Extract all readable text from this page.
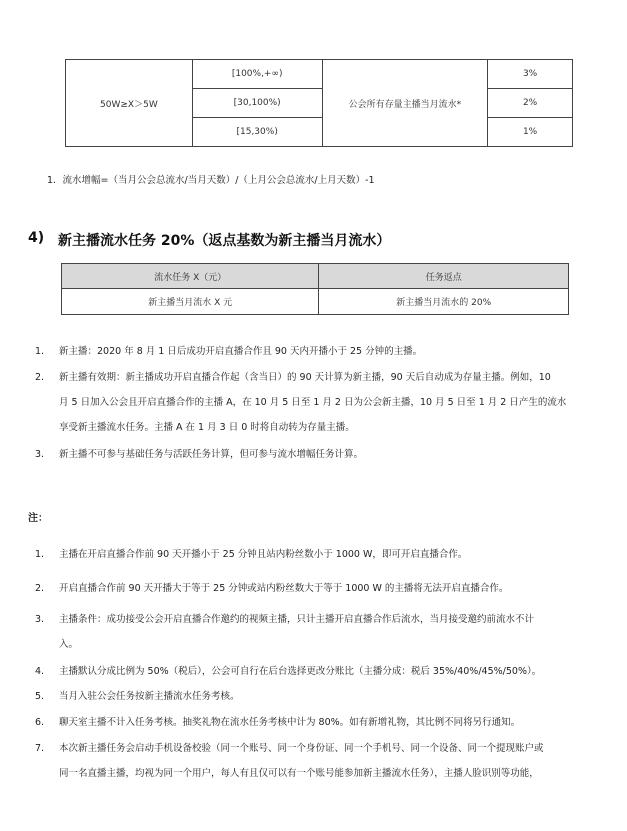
50W≥X＞5W	[100%,+∞)	公会所有存量主播当月流水*	3%
	[30,100%)		2%
	[15,30%)		1%
1．流水增幅=（当月公会总流水/当月天数）/（上月公会总流水/上月天数）-1
4) 新主播流水任务 20%（返点基数为新主播当月流水）
流水任务 X（元）	任务返点
新主播当月流水 X 元	新主播当月流水的 20%
1. 新主播：2020 年 8 月 1 日后成功开启直播合作且 90 天内开播小于 25 分钟的主播。
2. 新主播有效期：新主播成功开启直播合作起（含当日）的 90 天计算为新主播，90 天后自动成为存量主播。例如，10
月 5 日加入公会且开启直播合作的主播 A，在 10 月 5 日至 1 月 2 日为公会新主播，10 月 5 日至 1 月 2 日产生的流水
享受新主播流水任务。主播 A 在 1 月 3 日 0 时将自动转为存量主播。
3. 新主播不可参与基础任务与活跃任务计算，但可参与流水增幅任务计算。
注：
1. 主播在开启直播合作前 90 天开播小于 25 分钟且站内粉丝数小于 1000 W，即可开启直播合作。
2. 开启直播合作前 90 天开播大于等于 25 分钟或站内粉丝数大于等于 1000 W 的主播将无法开启直播合作。
3. 主播条件：成功接受公会开启直播合作邀约的视频主播，只计主播开启直播合作后流水，当月接受邀约前流水不计
入。
4. 主播默认分成比例为 50%（税后），公会可自行在后台选择更改分账比（主播分成：税后 35%/40%/45%/50%）。
5. 当月入驻公会任务按新主播流水任务考核。
6. 聊天室主播不计入任务考核。抽奖礼物在流水任务考核中计为 80%。如有新增礼物，其比例不同将另行通知。
7. 本次新主播任务会启动手机设备校验（同一个账号、同一个身份证、同一个手机号、同一个设备、同一个提现账户或
同一名直播主播，均视为同一个用户，每人有且仅可以有一个账号能参加新主播流水任务），主播人脸识别等功能，
